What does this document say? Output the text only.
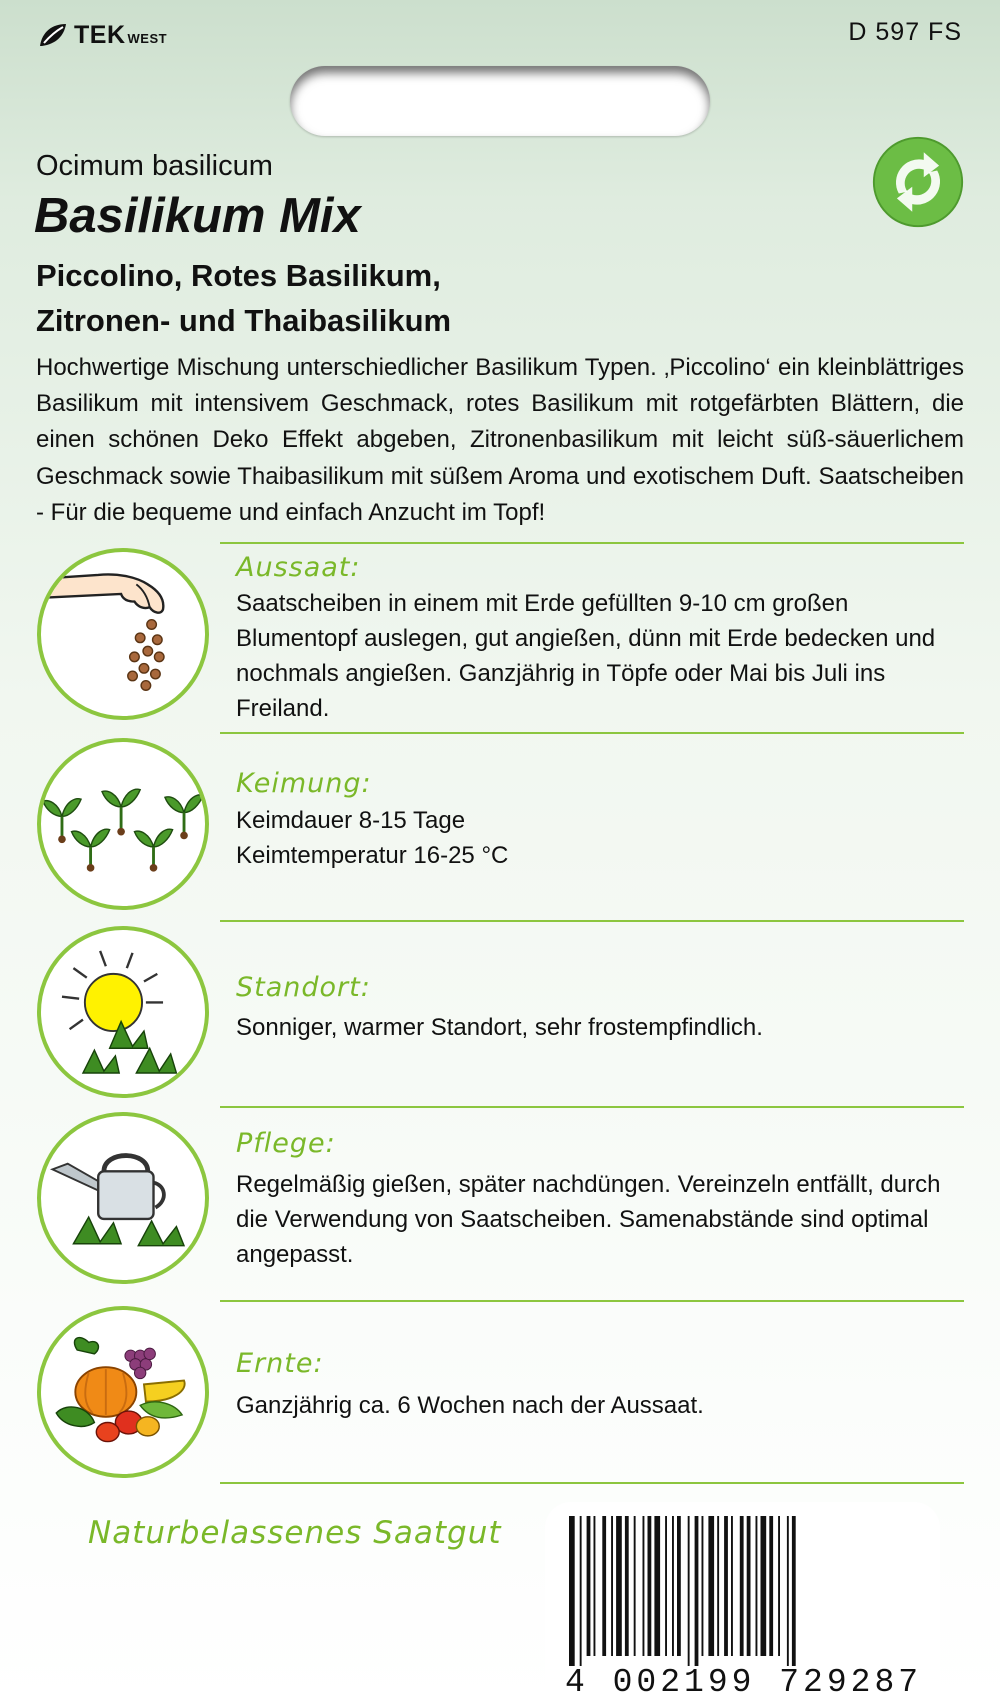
TEK WEST	D 597 FS
Ocimum basilicum
Basilikum Mix
Piccolino, Rotes Basilikum,
Zitronen- und Thaibasilikum
Hochwertige Mischung unterschiedlicher Basilikum Typen. ‚Piccolino‘ ein kleinblättriges Basilikum mit intensivem Geschmack, rotes Basilikum mit rotgefärbten Blättern, die einen schönen Deko Effekt abgeben, Zitronenbasilikum mit leicht süß-säuerlichem Geschmack sowie Thaibasilikum mit süßem Aroma und exotischem Duft. Saatscheiben - Für die bequeme und einfach Anzucht im Topf!
Aussaat:
Saatscheiben in einem mit Erde gefüllten 9-10 cm großen Blumentopf auslegen, gut angießen, dünn mit Erde bedecken und nochmals angießen. Ganzjährig in Töpfe oder Mai bis Juli ins Freiland.
Keimung:
Keimdauer 8-15 Tage
Keimtemperatur 16-25 °C
Standort:
Sonniger, warmer Standort, sehr frostempfindlich.
Pflege:
Regelmäßig gießen, später nachdüngen. Vereinzeln entfällt, durch die Verwendung von Saatscheiben. Samenabstände sind optimal angepasst.
Ernte:
Ganzjährig ca. 6 Wochen nach der Aussaat.
Naturbelassenes Saatgut
4 002199 729287
